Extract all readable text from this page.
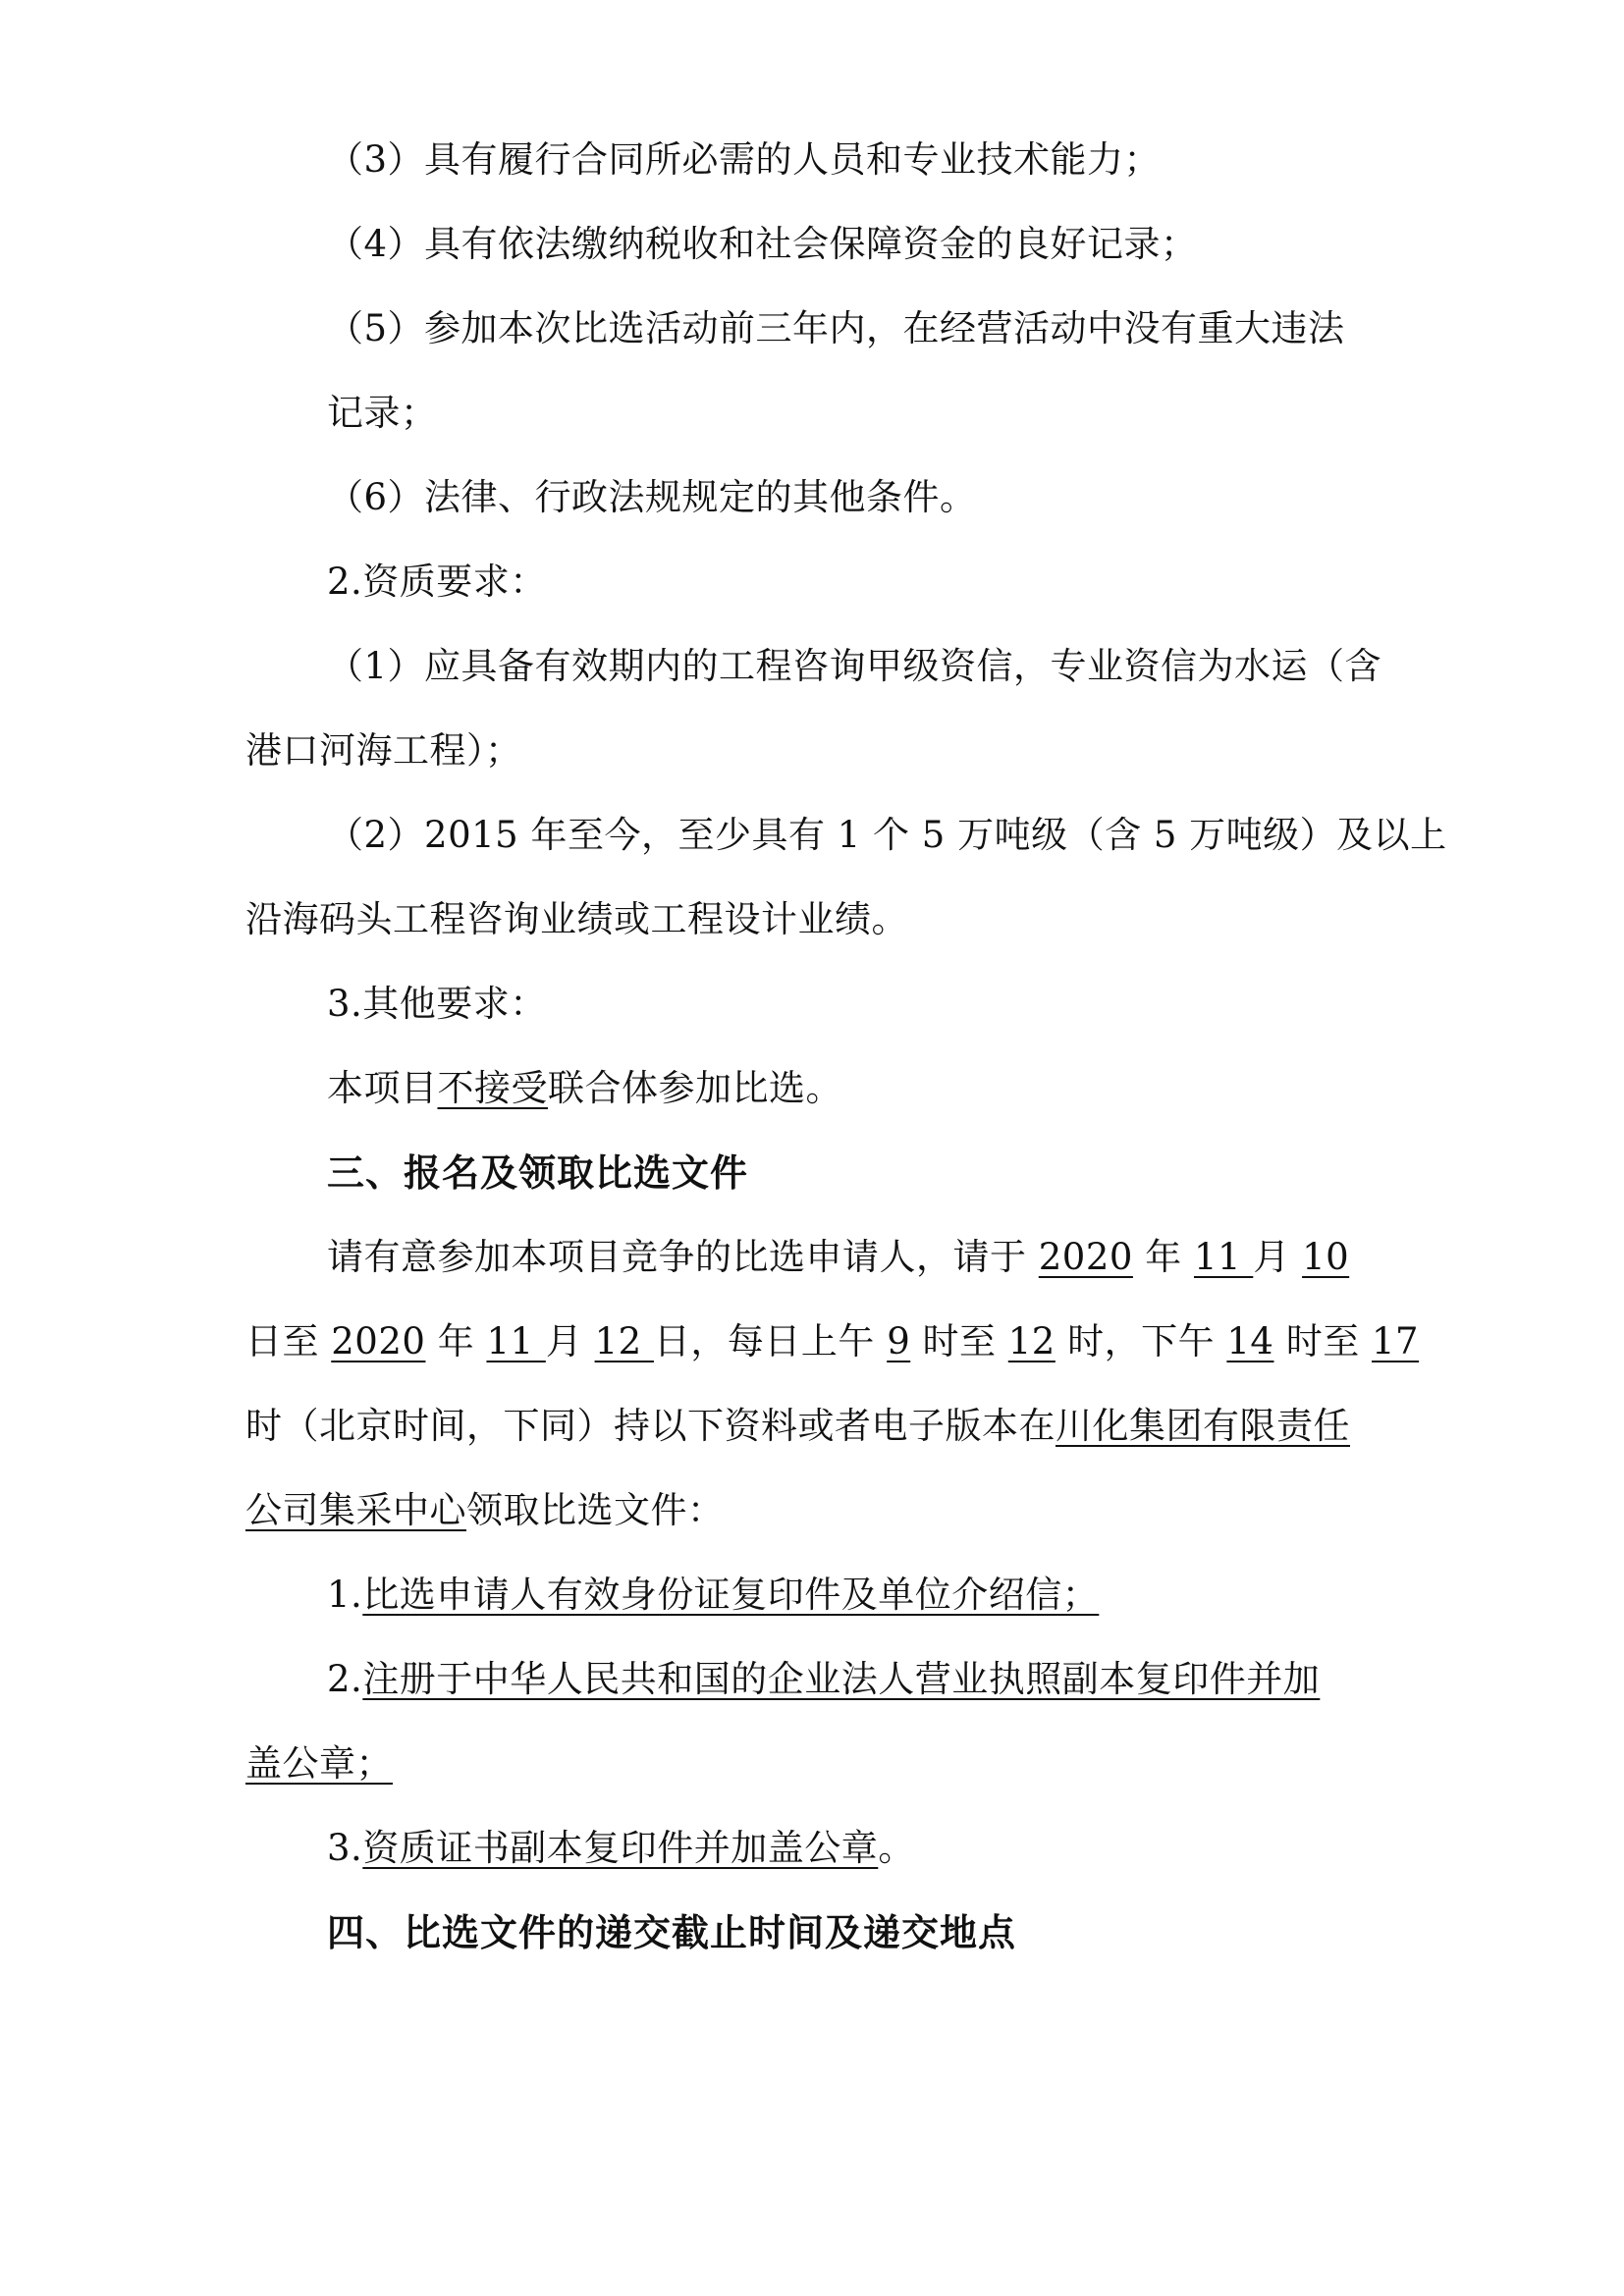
（3）具有履行合同所必需的人员和专业技术能力；
（4）具有依法缴纳税收和社会保障资金的良好记录；
（5）参加本次比选活动前三年内，在经营活动中没有重大违法
记录；
（6）法律、行政法规规定的其他条件。
2.资质要求：
（1）应具备有效期内的工程咨询甲级资信，专业资信为水运（含
港口河海工程）；
（2）2015 年至今，至少具有 1 个 5 万吨级（含 5 万吨级）及以上
沿海码头工程咨询业绩或工程设计业绩。
3.其他要求：
本项目不接受联合体参加比选。
三、报名及领取比选文件
请有意参加本项目竞争的比选申请人，请于 2020 年 11 月 10
日至 2020 年 11 月 12 日，每日上午 9 时至 12 时，下午 14 时至 17
时（北京时间，下同）持以下资料或者电子版本在川化集团有限责任
公司集采中心领取比选文件：
1.比选申请人有效身份证复印件及单位介绍信；
2.注册于中华人民共和国的企业法人营业执照副本复印件并加
盖公章；
3.资质证书副本复印件并加盖公章。
四、比选文件的递交截止时间及递交地点
